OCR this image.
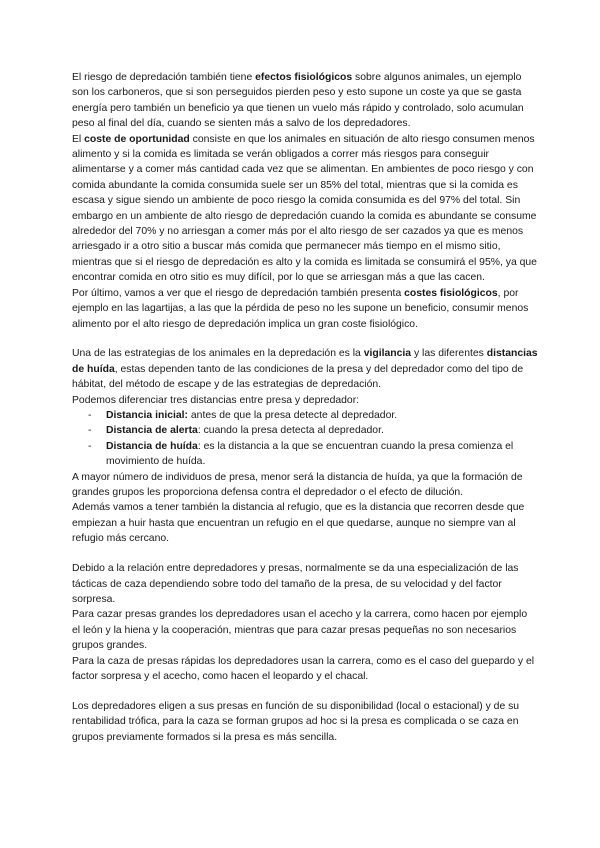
El riesgo de depredación también tiene efectos fisiológicos sobre algunos animales, un ejemplo son los carboneros, que si son perseguidos pierden peso y esto supone un coste ya que se gasta energía pero también un beneficio ya que tienen un vuelo más rápido y controlado, solo acumulan peso al final del día, cuando se sienten más a salvo de los depredadores.

El coste de oportunidad consiste en que los animales en situación de alto riesgo consumen menos alimento y si la comida es limitada se verán obligados a correr más riesgos para conseguir alimentarse y a comer más cantidad cada vez que se alimentan. En ambientes de poco riesgo y con comida abundante la comida consumida suele ser un 85% del total, mientras que si la comida es escasa y sigue siendo un ambiente de poco riesgo la comida consumida es del 97% del total. Sin embargo en un ambiente de alto riesgo de depredación cuando la comida es abundante se consume alrededor del 70% y no arriesgan a comer más por el alto riesgo de ser cazados ya que es menos arriesgado ir a otro sitio a buscar más comida que permanecer más tiempo en el mismo sitio, mientras que si el riesgo de depredación es alto y la comida es limitada se consumirá el 95%, ya que encontrar comida en otro sitio es muy difícil, por lo que se arriesgan más a que las cacen.

Por último, vamos a ver que el riesgo de depredación también presenta costes fisiológicos, por ejemplo en las lagartijas, a las que la pérdida de peso no les supone un beneficio, consumir menos alimento por el alto riesgo de depredación implica un gran coste fisiológico.

Una de las estrategias de los animales en la depredación es la vigilancia y las diferentes distancias de huída, estas dependen tanto de las condiciones de la presa y del depredador como del tipo de hábitat, del método de escape y de las estrategias de depredación.

Podemos diferenciar tres distancias entre presa y depredador:

- Distancia inicial: antes de que la presa detecte al depredador.
- Distancia de alerta: cuando la presa detecta al depredador.
- Distancia de huída: es la distancia a la que se encuentran cuando la presa comienza el movimiento de huída.

A mayor número de individuos de presa, menor será la distancia de huída, ya que la formación de grandes grupos les proporciona defensa contra el depredador o el efecto de dilución.

Además vamos a tener también la distancia al refugio, que es la distancia que recorren desde que empiezan a huir hasta que encuentran un refugio en el que quedarse, aunque no siempre van al refugio más cercano.

Debido a la relación entre depredadores y presas, normalmente se da una especialización de las tácticas de caza dependiendo sobre todo del tamaño de la presa, de su velocidad y del factor sorpresa.

Para cazar presas grandes los depredadores usan el acecho y la carrera, como hacen por ejemplo el león y la hiena y la cooperación, mientras que para cazar presas pequeñas no son necesarios grupos grandes.

Para la caza de presas rápidas los depredadores usan la carrera, como es el caso del guepardo y el factor sorpresa y el acecho, como hacen el leopardo y el chacal.

Los depredadores eligen a sus presas en función de su disponibilidad (local o estacional) y de su rentabilidad trófica, para la caza se forman grupos ad hoc si la presa es complicada o se caza en grupos previamente formados si la presa es más sencilla.
